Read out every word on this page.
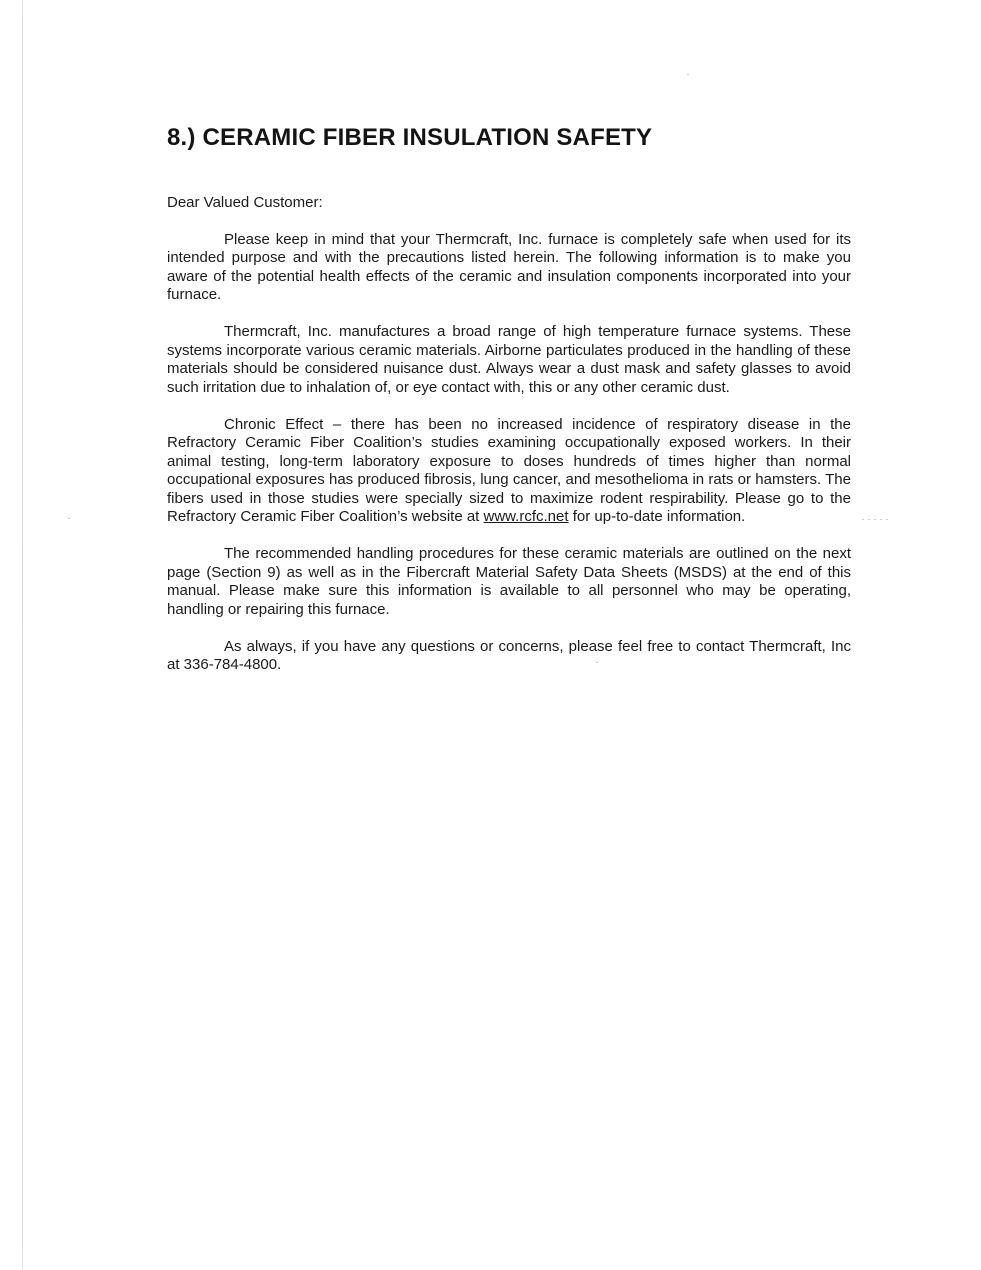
8.) CERAMIC FIBER INSULATION SAFETY

Dear Valued Customer:

Please keep in mind that your Thermcraft, Inc. furnace is completely safe when used for its intended purpose and with the precautions listed herein. The following information is to make you aware of the potential health effects of the ceramic and insulation components incorporated into your furnace.

Thermcraft, Inc. manufactures a broad range of high temperature furnace systems. These systems incorporate various ceramic materials. Airborne particulates produced in the handling of these materials should be considered nuisance dust. Always wear a dust mask and safety glasses to avoid such irritation due to inhalation of, or eye contact with, this or any other ceramic dust.

Chronic Effect – there has been no increased incidence of respiratory disease in the Refractory Ceramic Fiber Coalition’s studies examining occupationally exposed workers. In their animal testing, long-term laboratory exposure to doses hundreds of times higher than normal occupational exposures has produced fibrosis, lung cancer, and mesothelioma in rats or hamsters. The fibers used in those studies were specially sized to maximize rodent respirability. Please go to the Refractory Ceramic Fiber Coalition’s website at www.rcfc.net for up-to-date information.

The recommended handling procedures for these ceramic materials are outlined on the next page (Section 9) as well as in the Fibercraft Material Safety Data Sheets (MSDS) at the end of this manual. Please make sure this information is available to all personnel who may be operating, handling or repairing this furnace.

As always, if you have any questions or concerns, please feel free to contact Thermcraft, Inc at 336-784-4800.
